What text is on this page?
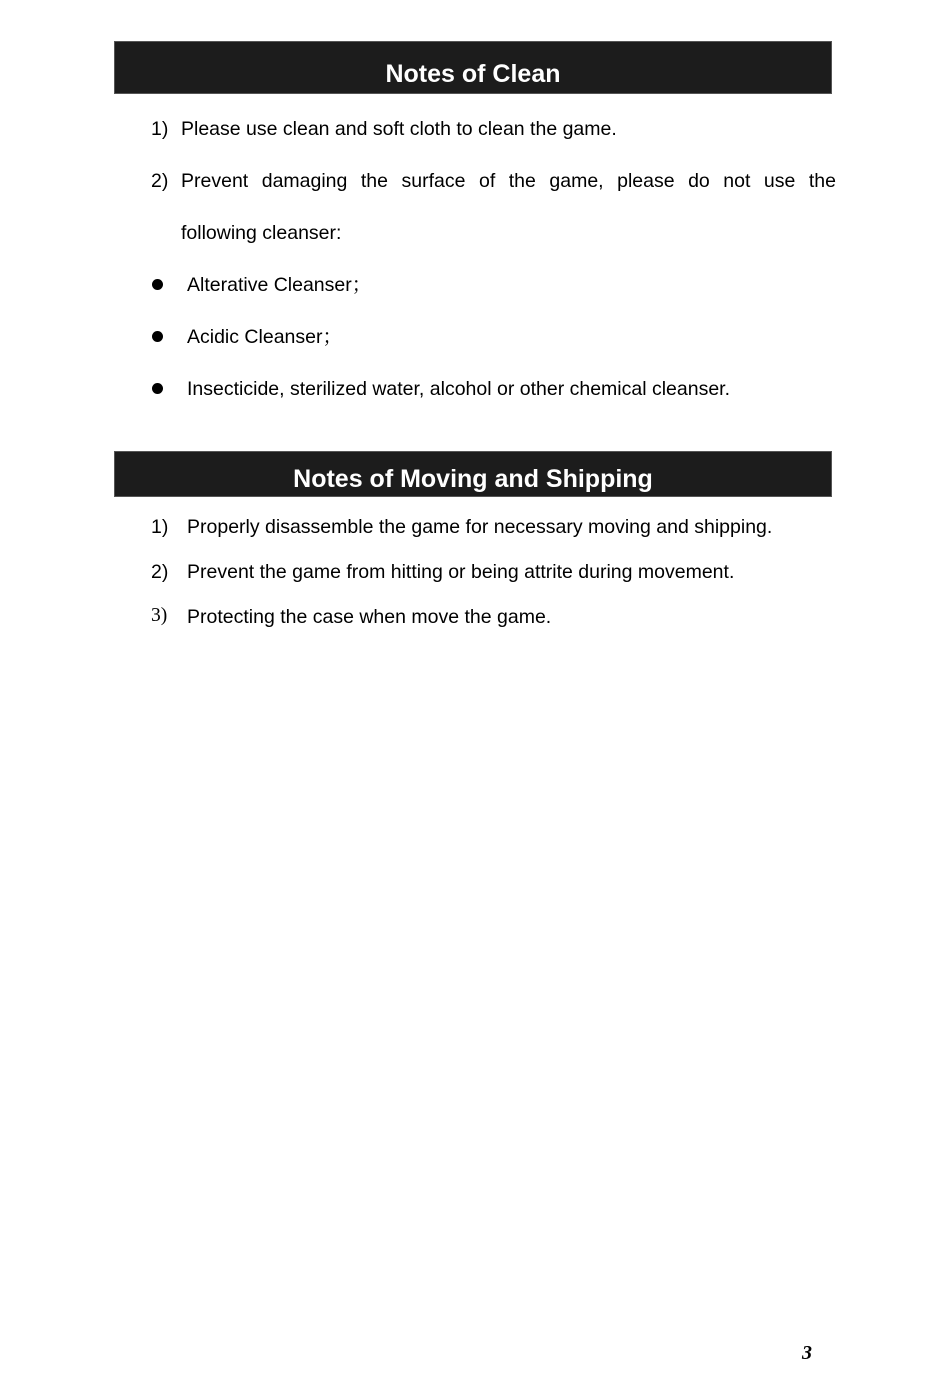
Notes of Clean
1) Please use clean and soft cloth to clean the game.
2) Prevent damaging the surface of the game, please do not use the
following cleanser:
Alterative Cleanser；
Acidic Cleanser；
Insecticide, sterilized water, alcohol or other chemical cleanser.
Notes of Moving and Shipping
1) Properly disassemble the game for necessary moving and shipping.
2) Prevent the game from hitting or being attrite during movement.
3) Protecting the case when move the game.
3
